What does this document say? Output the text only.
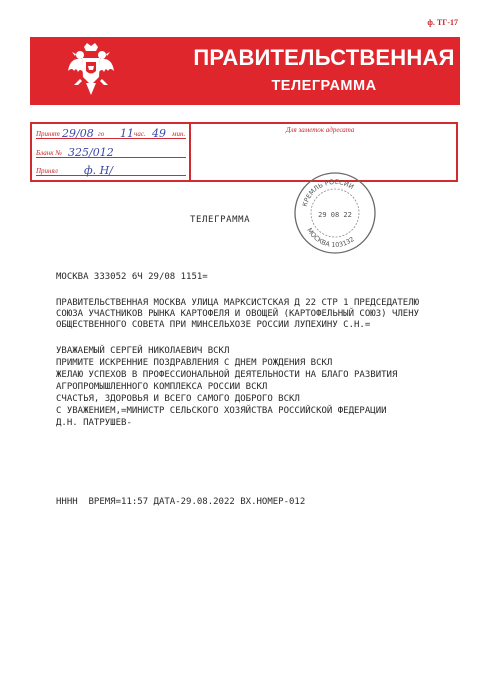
ф. ТГ-17
ПРАВИТЕЛЬСТВЕННАЯ
ТЕЛЕГРАММА
Принят 29/08 го 11 час. 49 мин.
Бланк № 325/012
Принял ф. Н/
Для заметок адресата
КРЕМЛЬ РОССИИ
29 08 22
МОСКВА 103132
ТЕЛЕГРАММА
МОСКВА 333052 6Ч 29/08 1151=
ПРАВИТЕЛЬСТВЕННАЯ МОСКВА УЛИЦА МАРКСИСТСКАЯ Д 22 СТР 1 ПРЕДСЕДАТЕЛЮ
СОЮЗА УЧАСТНИКОВ РЫНКА КАРТОФЕЛЯ И ОВОЩЕЙ (КАРТОФЕЛЬНЫЙ СОЮЗ) ЧЛЕНУ
ОБЩЕСТВЕННОГО СОВЕТА ПРИ МИНСЕЛЬХОЗЕ РОССИИ ЛУПЕХИНУ С.Н.=
УВАЖАЕМЫЙ СЕРГЕЙ НИКОЛАЕВИЧ ВСКЛ
ПРИМИТЕ ИСКРЕННИЕ ПОЗДРАВЛЕНИЯ С ДНЕМ РОЖДЕНИЯ ВСКЛ
ЖЕЛАЮ УСПЕХОВ В ПРОФЕССИОНАЛЬНОЙ ДЕЯТЕЛЬНОСТИ НА БЛАГО РАЗВИТИЯ
АГРОПРОМЫШЛЕННОГО КОМПЛЕКСА РОССИИ ВСКЛ
СЧАСТЬЯ, ЗДОРОВЬЯ И ВСЕГО САМОГО ДОБРОГО ВСКЛ
С УВАЖЕНИЕМ,=МИНИСТР СЕЛЬСКОГО ХОЗЯЙСТВА РОССИЙСКОЙ ФЕДЕРАЦИИ
Д.Н. ПАТРУШЕВ-
НННН  ВРЕМЯ=11:57 ДАТА-29.08.2022 ВХ.НОМЕР-012
